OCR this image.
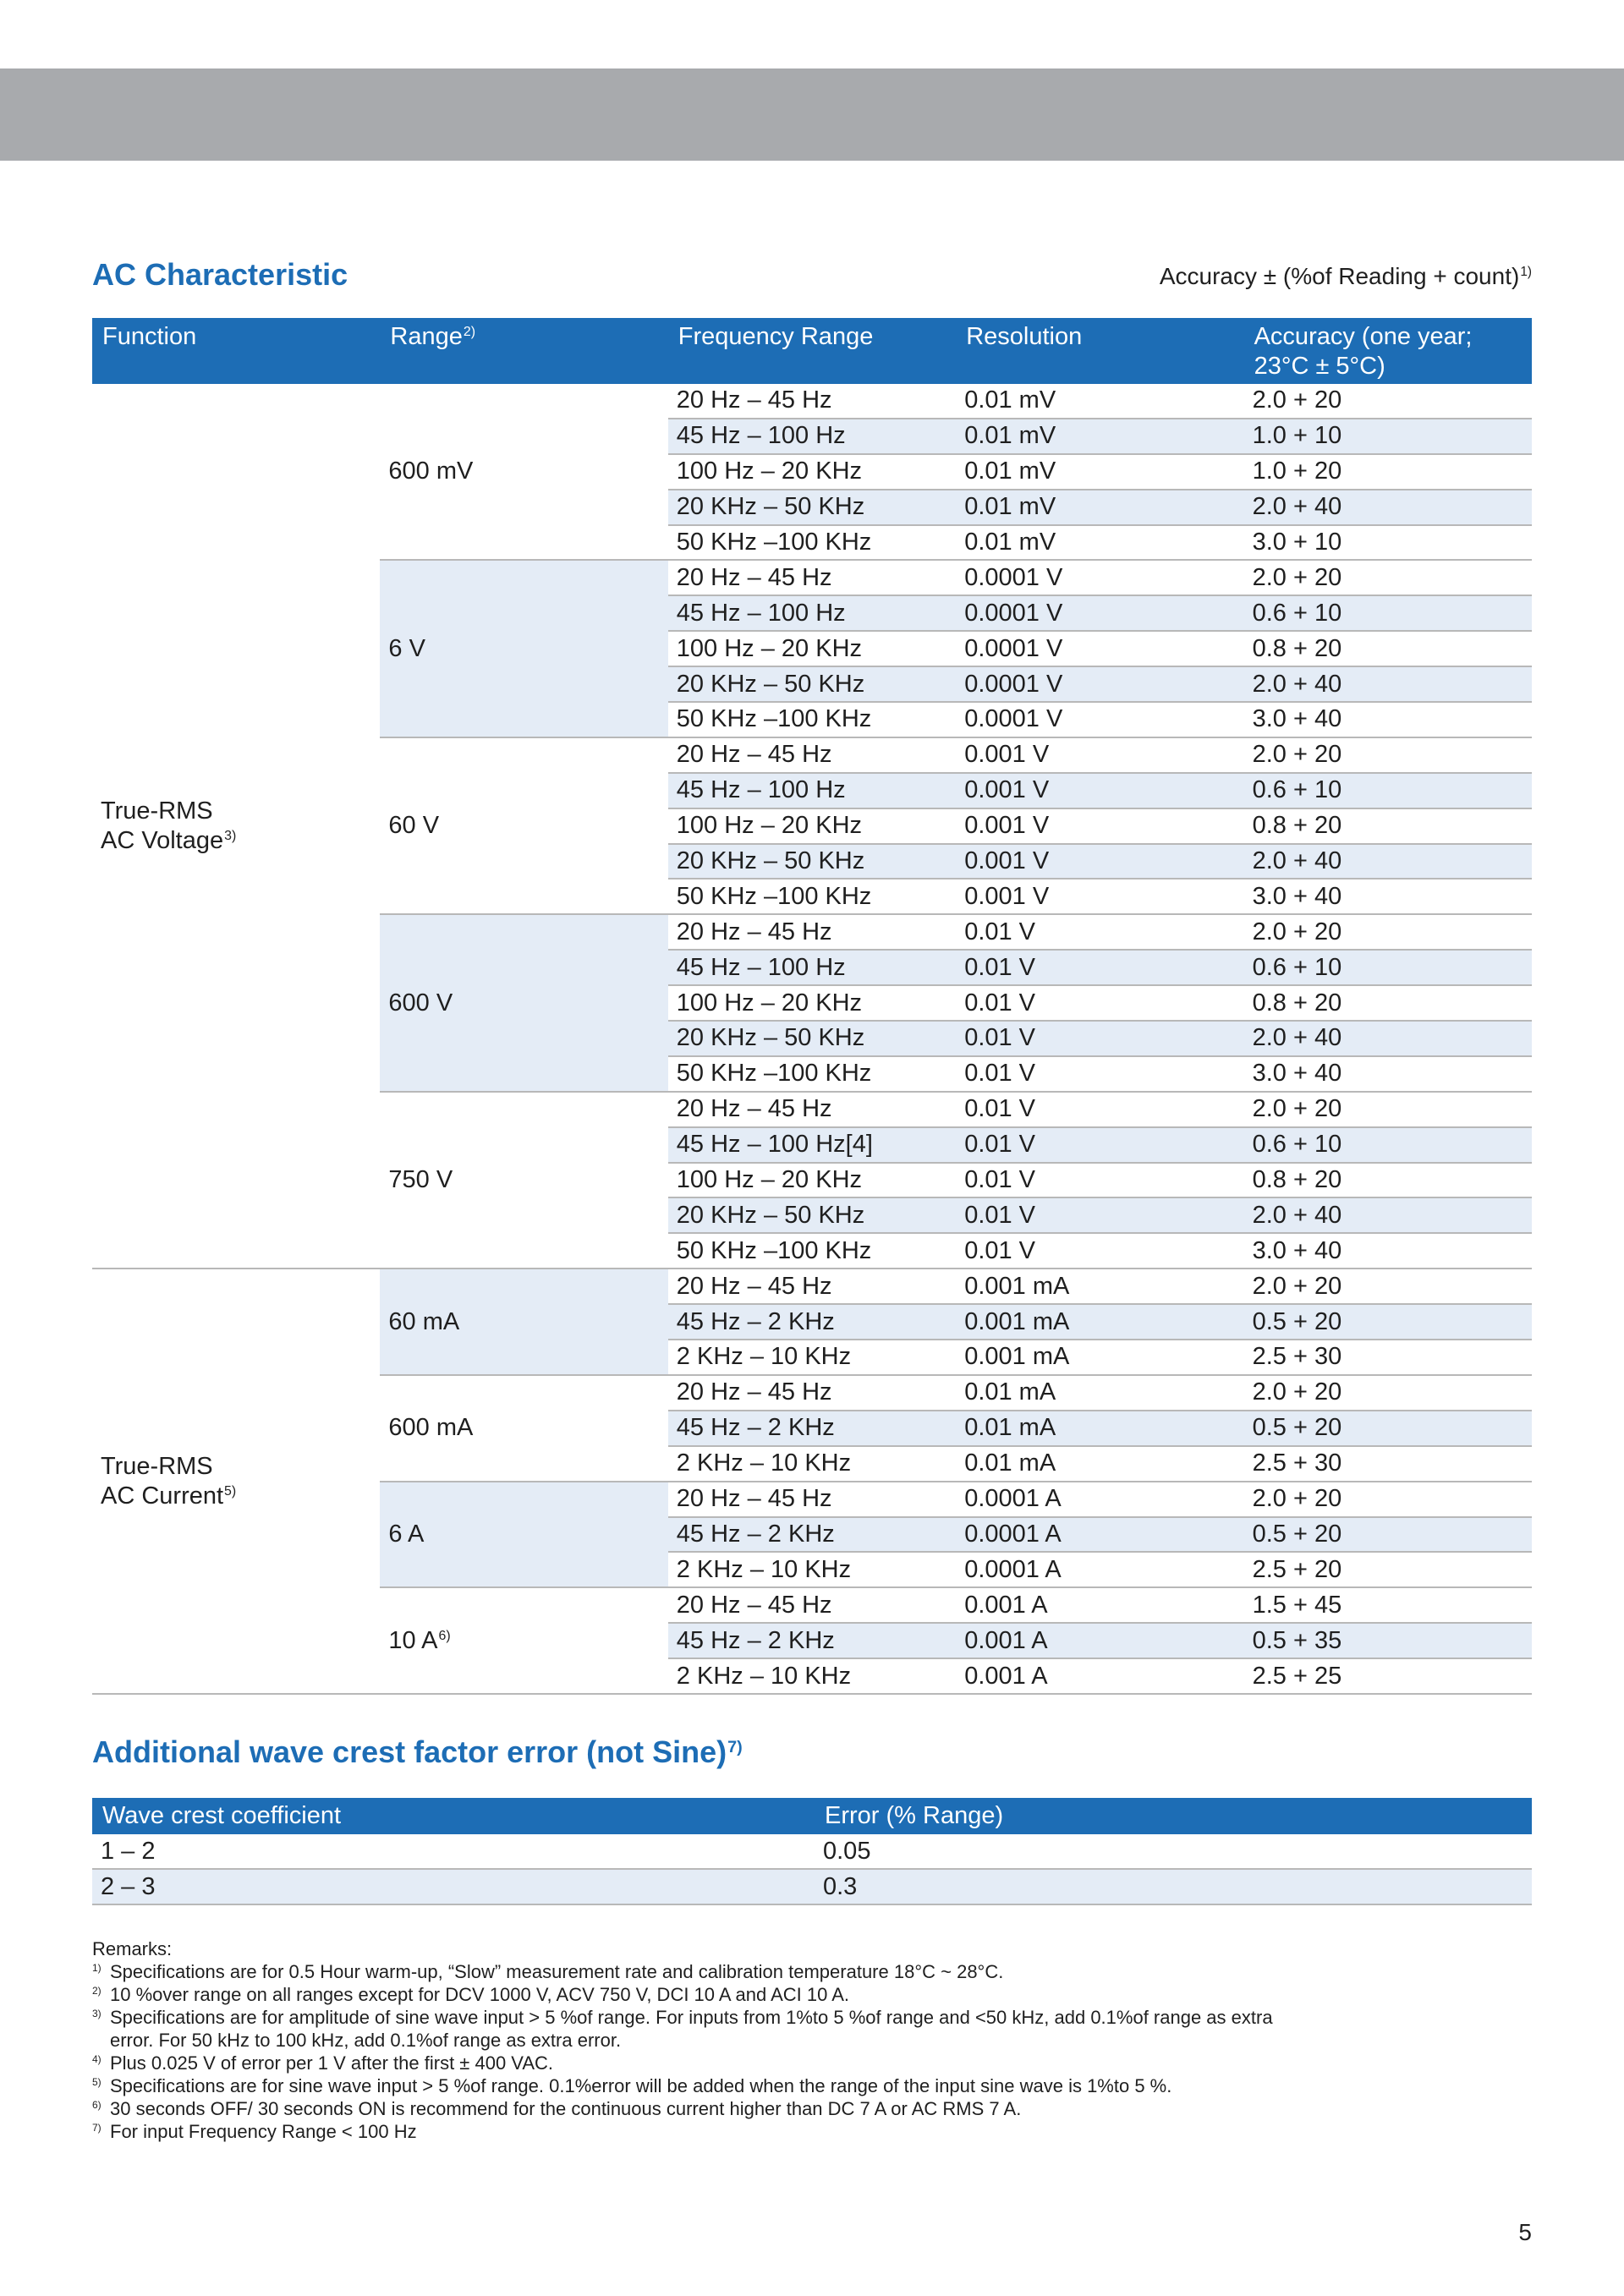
AC Characteristic	Accuracy ± (%of Reading + count)$^{1)}$
Function	Range$^{2)}$	Frequency Range	Resolution	Accuracy (one year;
23°C ± 5°C)
True-RMS
AC Voltage$^{3)}$
600 mV
20 Hz – 45 Hz	0.01 mV	2.0 + 20
45 Hz – 100 Hz	0.01 mV	1.0 + 10
100 Hz – 20 KHz	0.01 mV	1.0 + 20
20 KHz – 50 KHz	0.01 mV	2.0 + 40
50 KHz –100 KHz	0.01 mV	3.0 + 10
6 V
20 Hz – 45 Hz	0.0001 V	2.0 + 20
45 Hz – 100 Hz	0.0001 V	0.6 + 10
100 Hz – 20 KHz	0.0001 V	0.8 + 20
20 KHz – 50 KHz	0.0001 V	2.0 + 40
50 KHz –100 KHz	0.0001 V	3.0 + 40
60 V
20 Hz – 45 Hz	0.001 V	2.0 + 20
45 Hz – 100 Hz	0.001 V	0.6 + 10
100 Hz – 20 KHz	0.001 V	0.8 + 20
20 KHz – 50 KHz	0.001 V	2.0 + 40
50 KHz –100 KHz	0.001 V	3.0 + 40
600 V
20 Hz – 45 Hz	0.01 V	2.0 + 20
45 Hz – 100 Hz	0.01 V	0.6 + 10
100 Hz – 20 KHz	0.01 V	0.8 + 20
20 KHz – 50 KHz	0.01 V	2.0 + 40
50 KHz –100 KHz	0.01 V	3.0 + 40
750 V
20 Hz – 45 Hz	0.01 V	2.0 + 20
45 Hz – 100 Hz[4]	0.01 V	0.6 + 10
100 Hz – 20 KHz	0.01 V	0.8 + 20
20 KHz – 50 KHz	0.01 V	2.0 + 40
50 KHz –100 KHz	0.01 V	3.0 + 40
True-RMS
AC Current$^{5)}$
60 mA
20 Hz – 45 Hz	0.001 mA	2.0 + 20
45 Hz – 2 KHz	0.001 mA	0.5 + 20
2 KHz – 10 KHz	0.001 mA	2.5 + 30
600 mA
20 Hz – 45 Hz	0.01 mA	2.0 + 20
45 Hz – 2 KHz	0.01 mA	0.5 + 20
2 KHz – 10 KHz	0.01 mA	2.5 + 30
6 A
20 Hz – 45 Hz	0.0001 A	2.0 + 20
45 Hz – 2 KHz	0.0001 A	0.5 + 20
2 KHz – 10 KHz	0.0001 A	2.5 + 20
10 $A^{6)}$
20 Hz – 45 Hz	0.001 A	1.5 + 45
45 Hz – 2 KHz	0.001 A	0.5 + 35
2 KHz – 10 KHz	0.001 A	2.5 + 25
Additional wave crest factor error (not Sine)$^{7)}$
Wave crest coefficient	Error (% Range)
1 – 2	0.05
2 – 3	0.3
Remarks:
1) Specifications are for 0.5 Hour warm-up, “Slow” measurement rate and calibration temperature 18°C ~ 28°C.
2) 10 %over range on all ranges except for DCV 1000 V, ACV 750 V, DCI 10 A and ACI 10 A.
3) Specifications are for amplitude of sine wave input > 5 %of range. For inputs from 1%to 5 %of range and <50 kHz, add 0.1%of range as extra
error. For 50 kHz to 100 kHz, add 0.1%of range as extra error.
4) Plus 0.025 V of error per 1 V after the first ± 400 VAC.
5) Specifications are for sine wave input > 5 %of range. 0.1%error will be added when the range of the input sine wave is 1%to 5 %.
6) 30 seconds OFF/ 30 seconds ON is recommend for the continuous current higher than DC 7 A or AC RMS 7 A.
7) For input Frequency Range < 100 Hz
5
